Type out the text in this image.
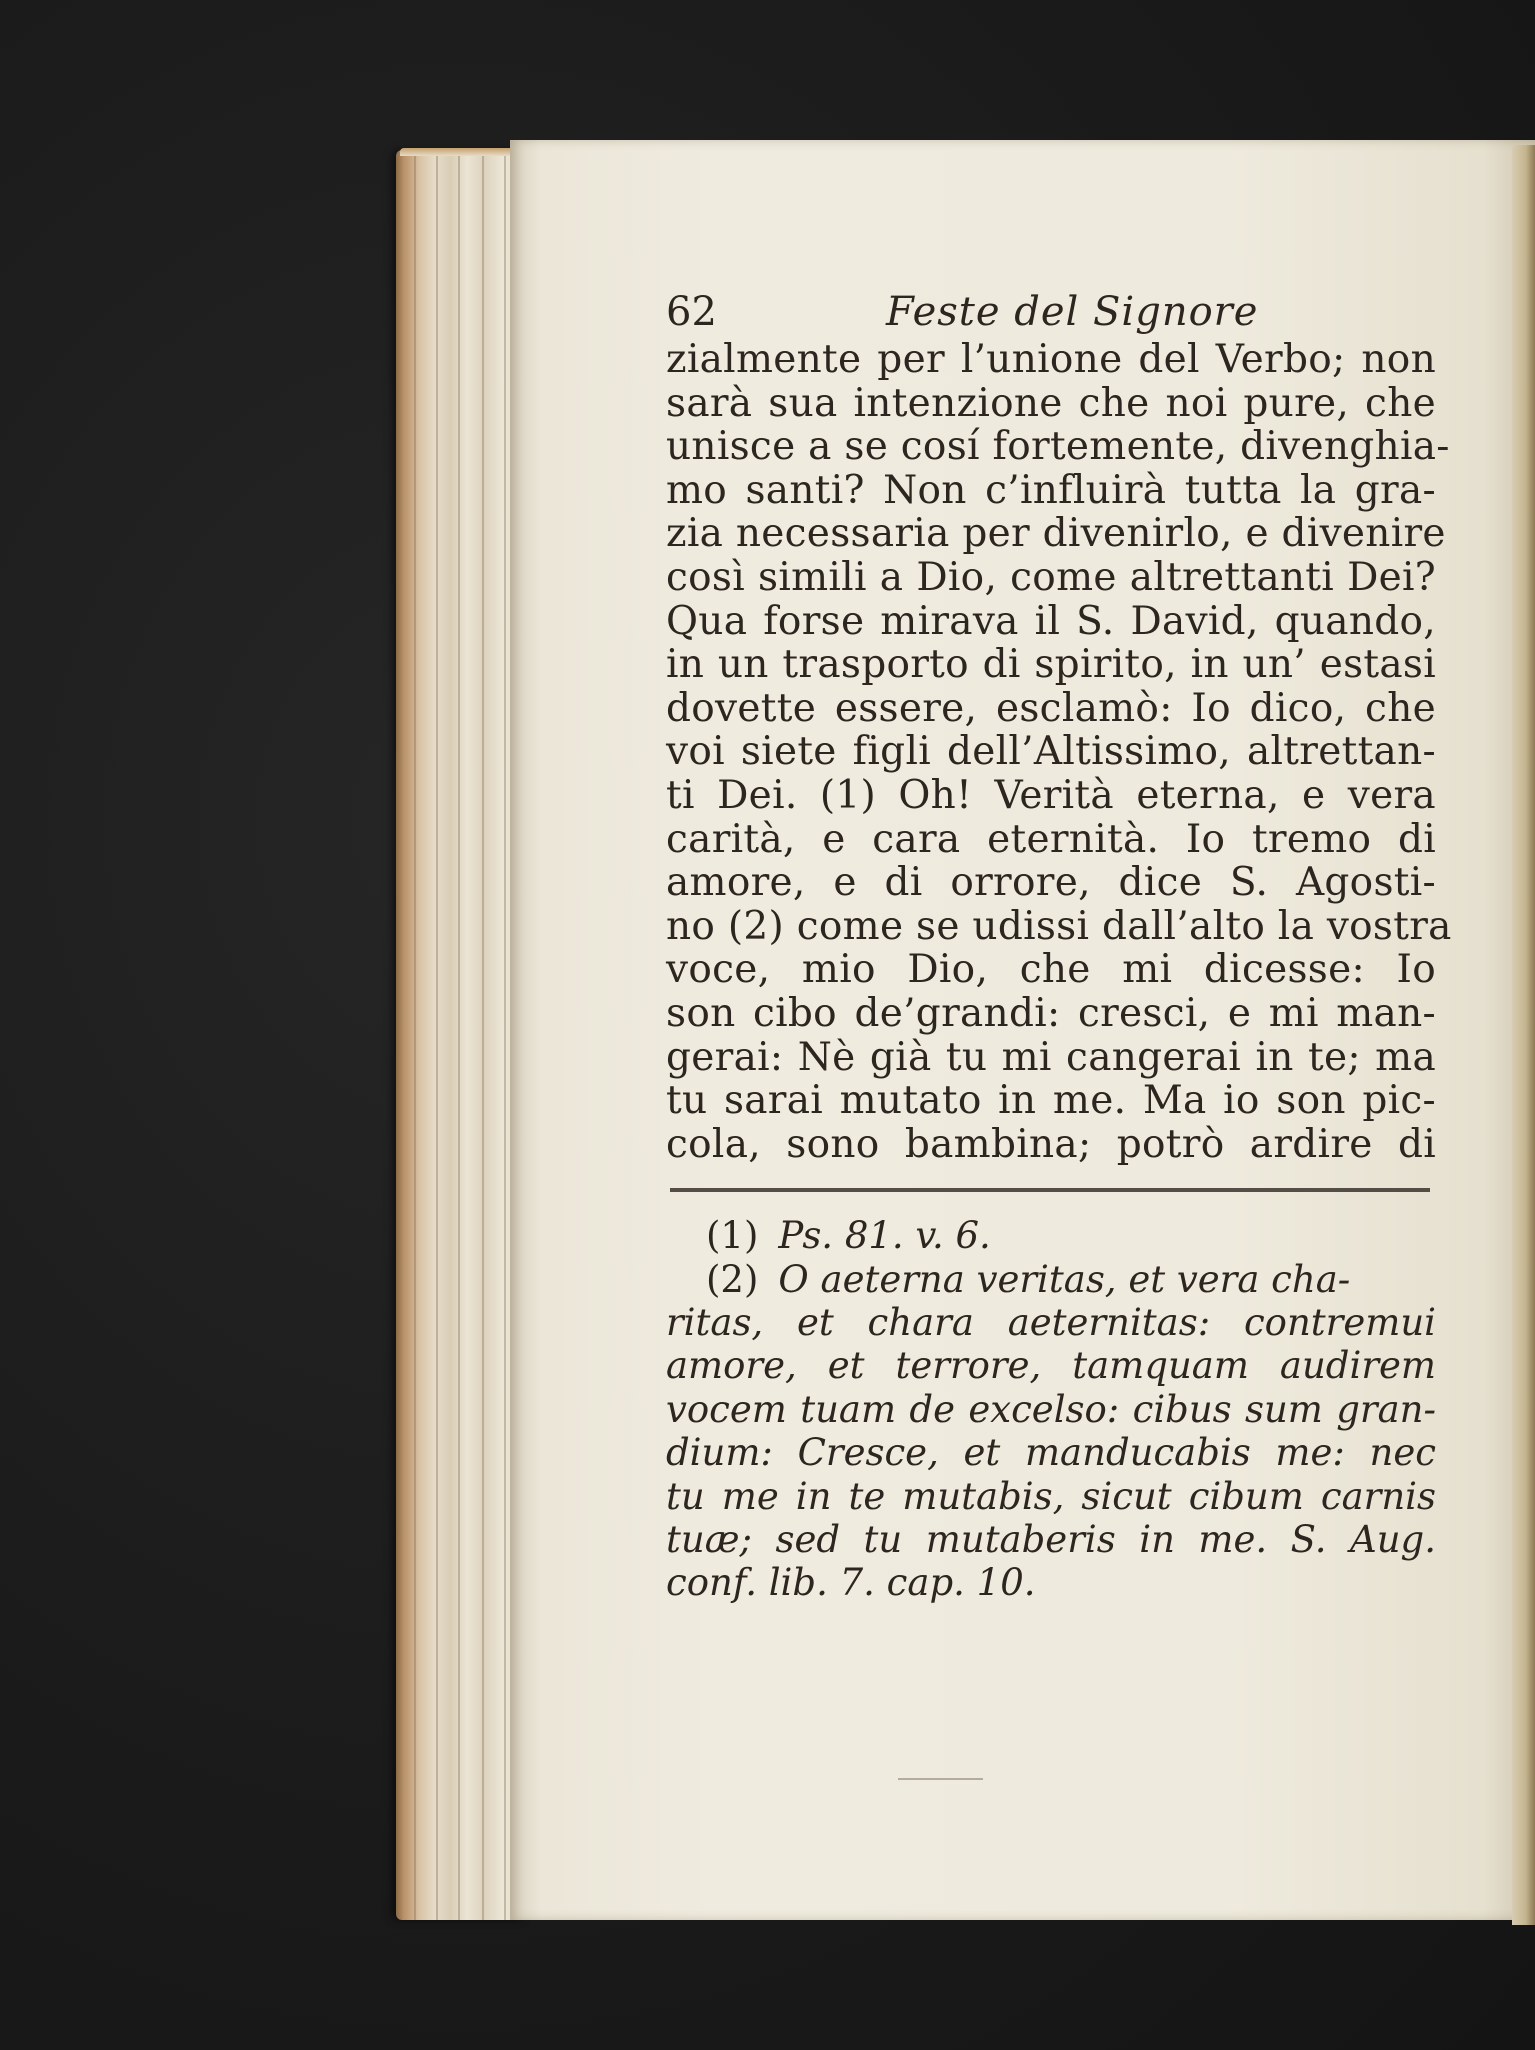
62	Feste del Signore
zialmente per l’unione del Verbo; non
sarà sua intenzione che noi pure, che
unisce a se cosí fortemente, divenghia-
mo santi? Non c’influirà tutta la gra-
zia necessaria per divenirlo, e divenire
così simili a Dio, come altrettanti Dei?
Qua forse mirava il S. David, quando,
in un trasporto di spirito, in un’ estasi
dovette essere, esclamò: Io dico, che
voi siete figli dell’Altissimo, altrettan-
ti Dei. (1) Oh! Verità eterna, e vera
carità, e cara eternità. Io tremo di
amore, e di orrore, dice S. Agosti-
no (2) come se udissi dall’alto la vostra
voce, mio Dio, che mi dicesse: Io
son cibo de’grandi: cresci, e mi man-
gerai: Nè già tu mi cangerai in te; ma
tu sarai mutato in me. Ma io son pic-
cola, sono bambina; potrò ardire di
(1) Ps. 81. v. 6.
(2) O aeterna veritas, et vera cha-
ritas, et chara aeternitas: contremui
amore, et terrore, tamquam audirem
vocem tuam de excelso: cibus sum gran-
dium: Cresce, et manducabis me: nec
tu me in te mutabis, sicut cibum carnis
tuæ; sed tu mutaberis in me. S. Aug.
conf. lib. 7. cap. 10.
